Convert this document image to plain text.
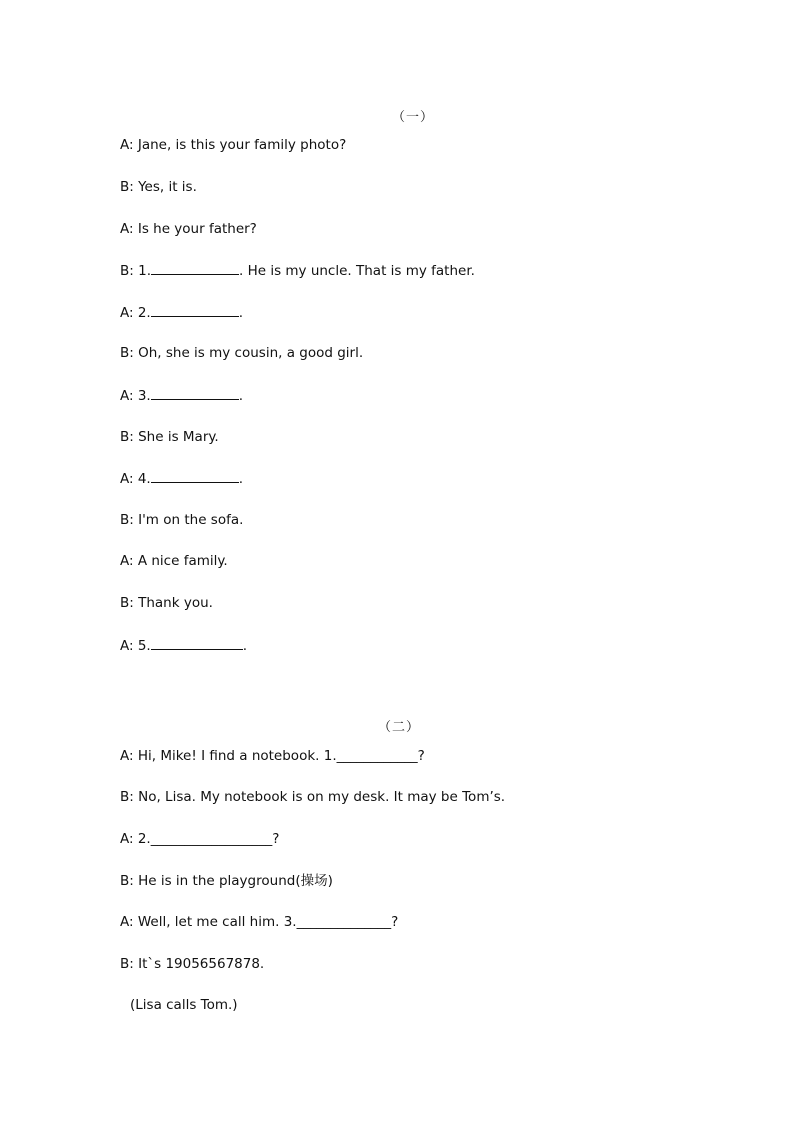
（一）
A: Jane, is this your family photo?
B: Yes, it is.
A: Is he your father?
B: 1.	. He is my uncle. That is my father.
A: 2.	.
B: Oh, she is my cousin, a good girl.
A: 3.	.
B: She is Mary.
A: 4.	.
B: I'm on the sofa.
A: A nice family.
B: Thank you.
A: 5.	.
（二）
A: Hi, Mike! I find a notebook. 1.____________?
B: No, Lisa. My notebook is on my desk. It may be Tom’s.
A: 2.__________________?
B: He is in the playground(操场)
A: Well, let me call him. 3.______________?
B: It`s 19056567878.
(Lisa calls Tom.)
